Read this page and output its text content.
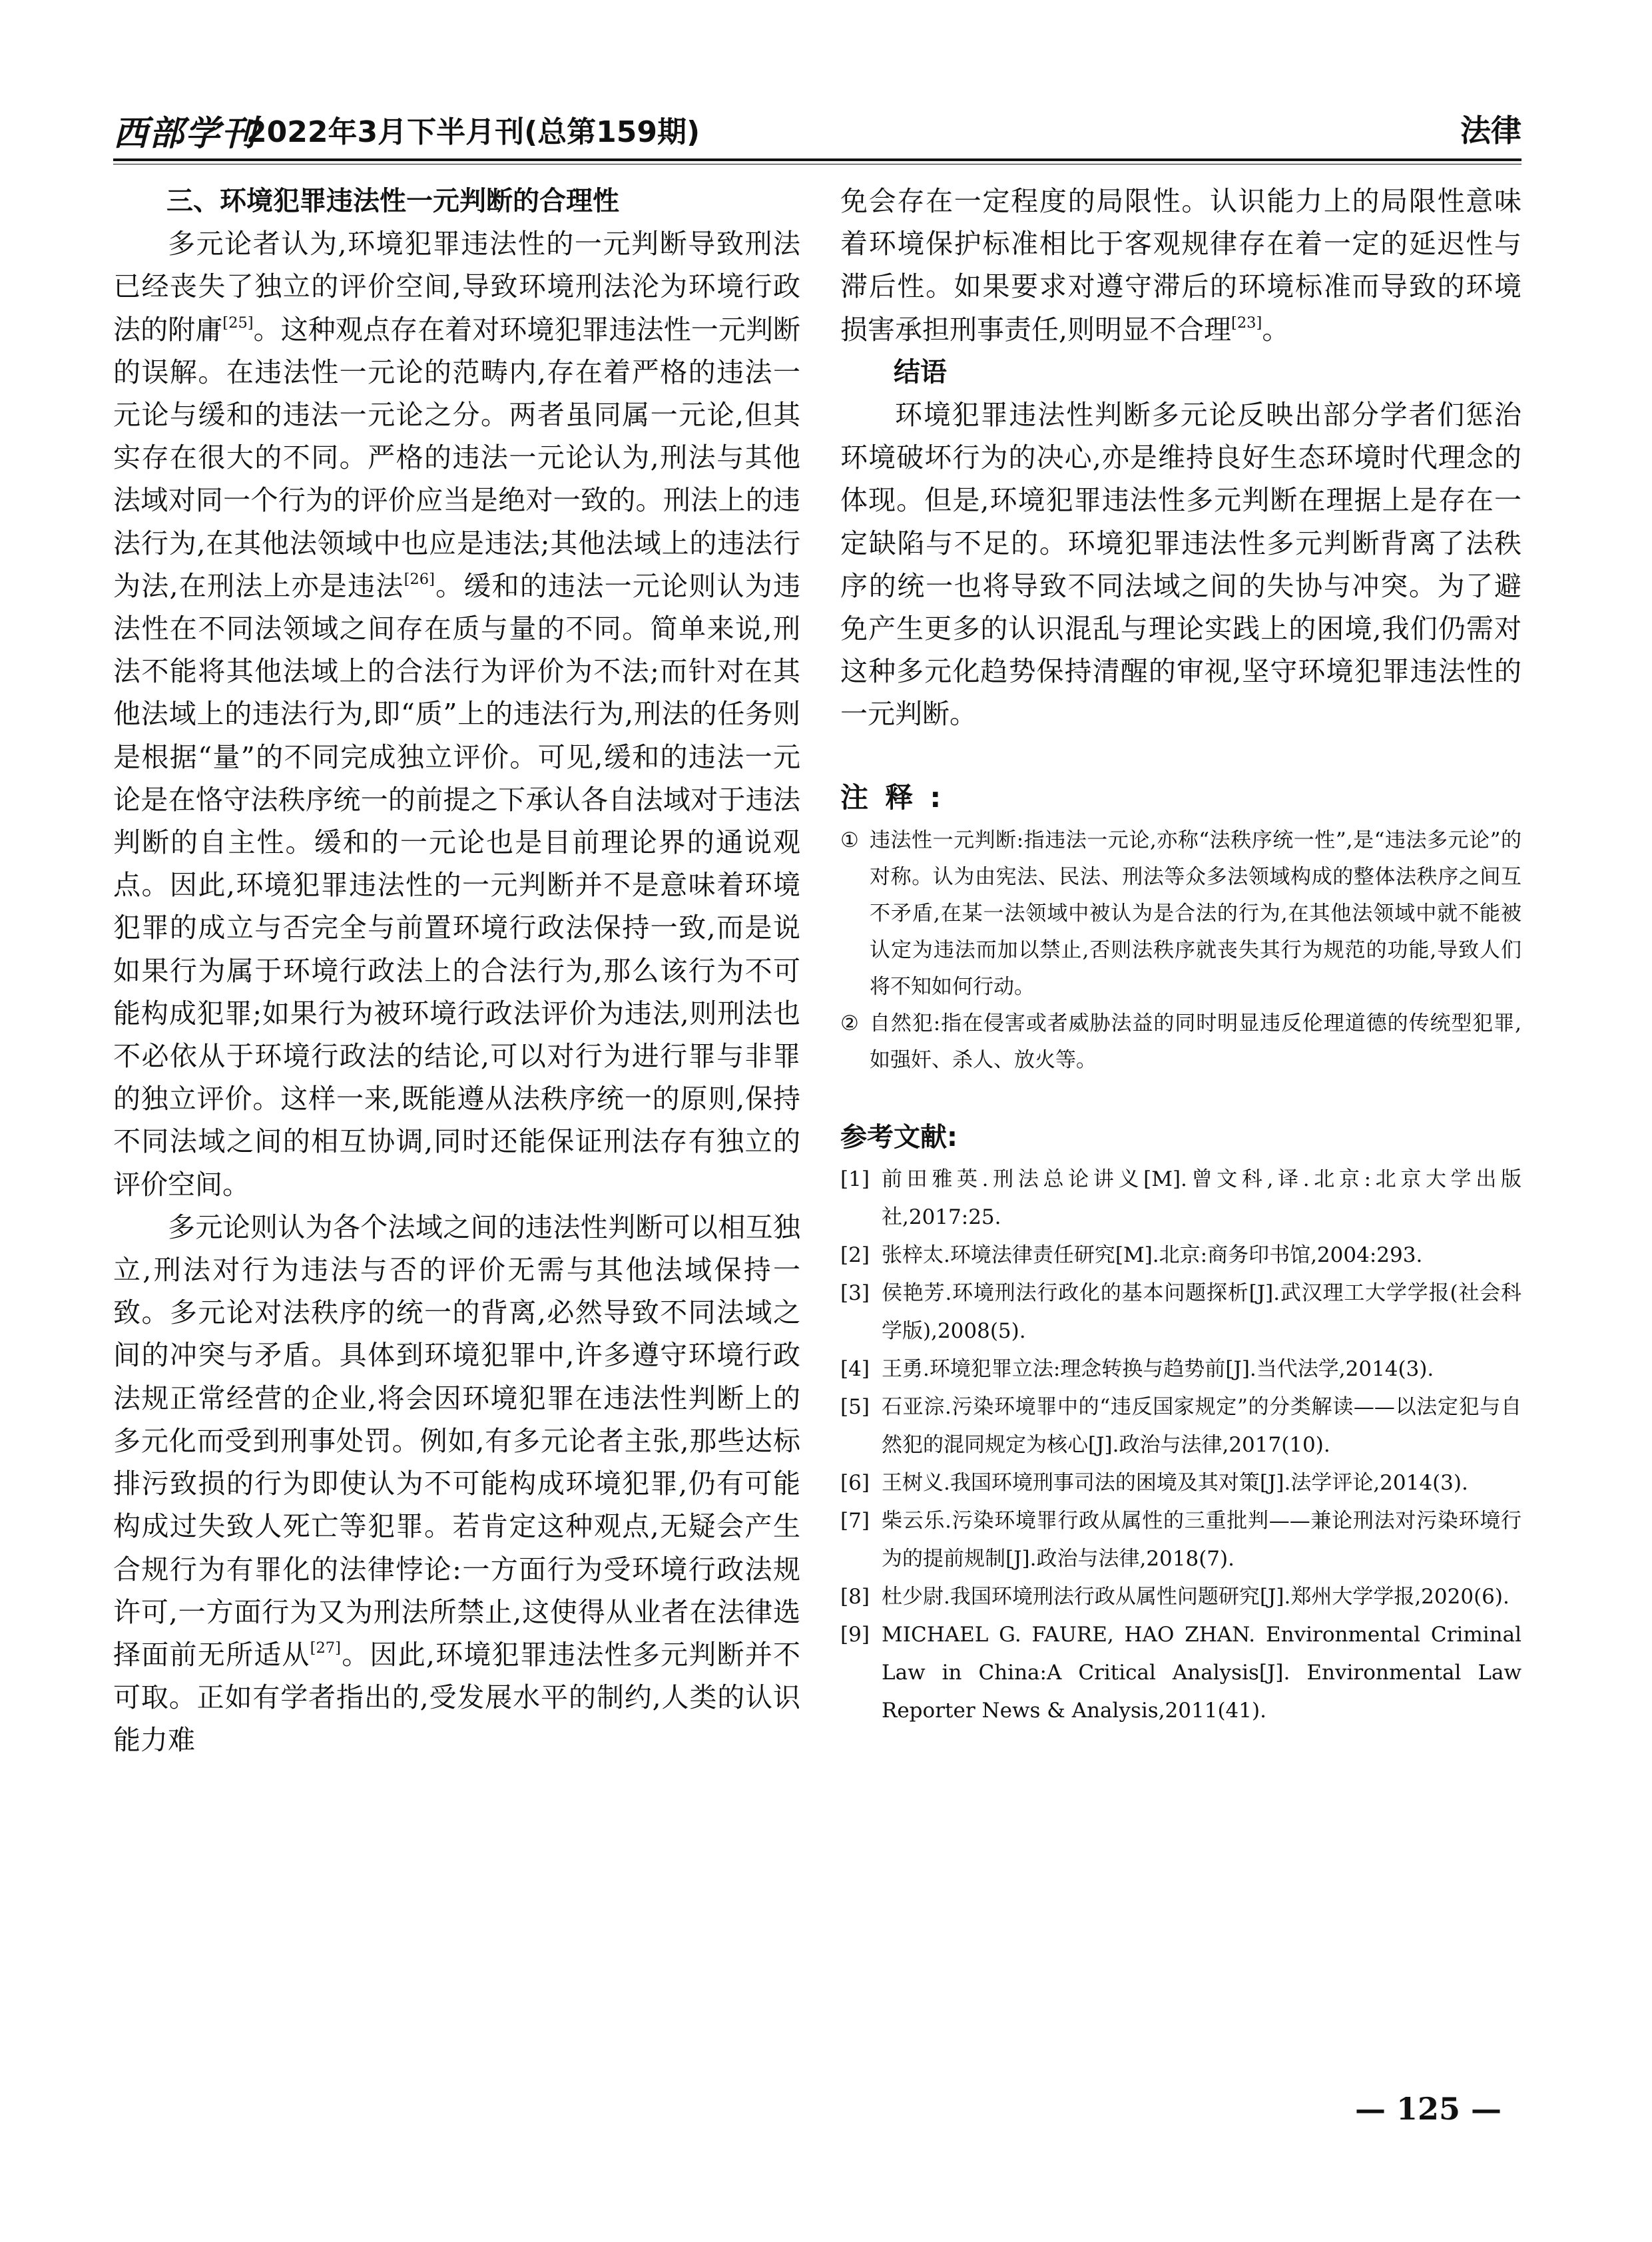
西部学刊
2022年3月下半月刊(总第159期)	法律
三、环境犯罪违法性一元判断的合理性

多元论者认为,环境犯罪违法性的一元判断导致刑法已经丧失了独立的评价空间,导致环境刑法沦为环境行政法的附庸[25]。这种观点存在着对环境犯罪违法性一元判断的误解。在违法性一元论的范畴内,存在着严格的违法一元论与缓和的违法一元论之分。两者虽同属一元论,但其实存在很大的不同。严格的违法一元论认为,刑法与其他法域对同一个行为的评价应当是绝对一致的。刑法上的违法行为,在其他法领域中也应是违法;其他法域上的违法行为法,在刑法上亦是违法[26]。缓和的违法一元论则认为违法性在不同法领域之间存在质与量的不同。简单来说,刑法不能将其他法域上的合法行为评价为不法;而针对在其他法域上的违法行为,即“质”上的违法行为,刑法的任务则是根据“量”的不同完成独立评价。可见,缓和的违法一元论是在恪守法秩序统一的前提之下承认各自法域对于违法判断的自主性。缓和的一元论也是目前理论界的通说观点。因此,环境犯罪违法性的一元判断并不是意味着环境犯罪的成立与否完全与前置环境行政法保持一致,而是说如果行为属于环境行政法上的合法行为,那么该行为不可能构成犯罪;如果行为被环境行政法评价为违法,则刑法也不必依从于环境行政法的结论,可以对行为进行罪与非罪的独立评价。这样一来,既能遵从法秩序统一的原则,保持不同法域之间的相互协调,同时还能保证刑法存有独立的评价空间。

多元论则认为各个法域之间的违法性判断可以相互独立,刑法对行为违法与否的评价无需与其他法域保持一致。多元论对法秩序的统一的背离,必然导致不同法域之间的冲突与矛盾。具体到环境犯罪中,许多遵守环境行政法规正常经营的企业,将会因环境犯罪在违法性判断上的多元化而受到刑事处罚。例如,有多元论者主张,那些达标排污致损的行为即使认为不可能构成环境犯罪,仍有可能构成过失致人死亡等犯罪。若肯定这种观点,无疑会产生合规行为有罪化的法律悖论:一方面行为受环境行政法规许可,一方面行为又为刑法所禁止,这使得从业者在法律选择面前无所适从[27]。因此,环境犯罪违法性多元判断并不可取。正如有学者指出的,受发展水平的制约,人类的认识能力难

免会存在一定程度的局限性。认识能力上的局限性意味着环境保护标准相比于客观规律存在着一定的延迟性与滞后性。如果要求对遵守滞后的环境标准而导致的环境损害承担刑事责任,则明显不合理[23]。

结语

环境犯罪违法性判断多元论反映出部分学者们惩治环境破坏行为的决心,亦是维持良好生态环境时代理念的体现。但是,环境犯罪违法性多元判断在理据上是存在一定缺陷与不足的。环境犯罪违法性多元判断背离了法秩序的统一也将导致不同法域之间的失协与冲突。为了避免产生更多的认识混乱与理论实践上的困境,我们仍需对这种多元化趋势保持清醒的审视,坚守环境犯罪违法性的一元判断。

注释:
① 违法性一元判断:指违法一元论,亦称“法秩序统一性”,是“违法多元论”的对称。认为由宪法、民法、刑法等众多法领域构成的整体法秩序之间互不矛盾,在某一法领域中被认为是合法的行为,在其他法领域中就不能被认定为违法而加以禁止,否则法秩序就丧失其行为规范的功能,导致人们将不知如何行动。
② 自然犯:指在侵害或者威胁法益的同时明显违反伦理道德的传统型犯罪,如强奸、杀人、放火等。
参考文献:
[1] 前田雅英.刑法总论讲义[M].曾文科,译.北京:北京大学出版社,2017:25.
[2] 张梓太.环境法律责任研究[M].北京:商务印书馆,2004:293.
[3] 侯艳芳.环境刑法行政化的基本问题探析[J].武汉理工大学学报(社会科学版),2008(5).
[4] 王勇.环境犯罪立法:理念转换与趋势前[J].当代法学,2014(3).
[5] 石亚淙.污染环境罪中的“违反国家规定”的分类解读——以法定犯与自然犯的混同规定为核心[J].政治与法律,2017(10).
[6] 王树义.我国环境刑事司法的困境及其对策[J].法学评论,2014(3).
[7] 柴云乐.污染环境罪行政从属性的三重批判——兼论刑法对污染环境行为的提前规制[J].政治与法律,2018(7).
[8] 杜少尉.我国环境刑法行政从属性问题研究[J].郑州大学学报,2020(6).
[9] MICHAEL G. FAURE, HAO ZHAN. Environmental Criminal Law in China:A Critical Analysis[J]. Environmental Law Reporter News & Analysis,2011(41).
— 125 —
